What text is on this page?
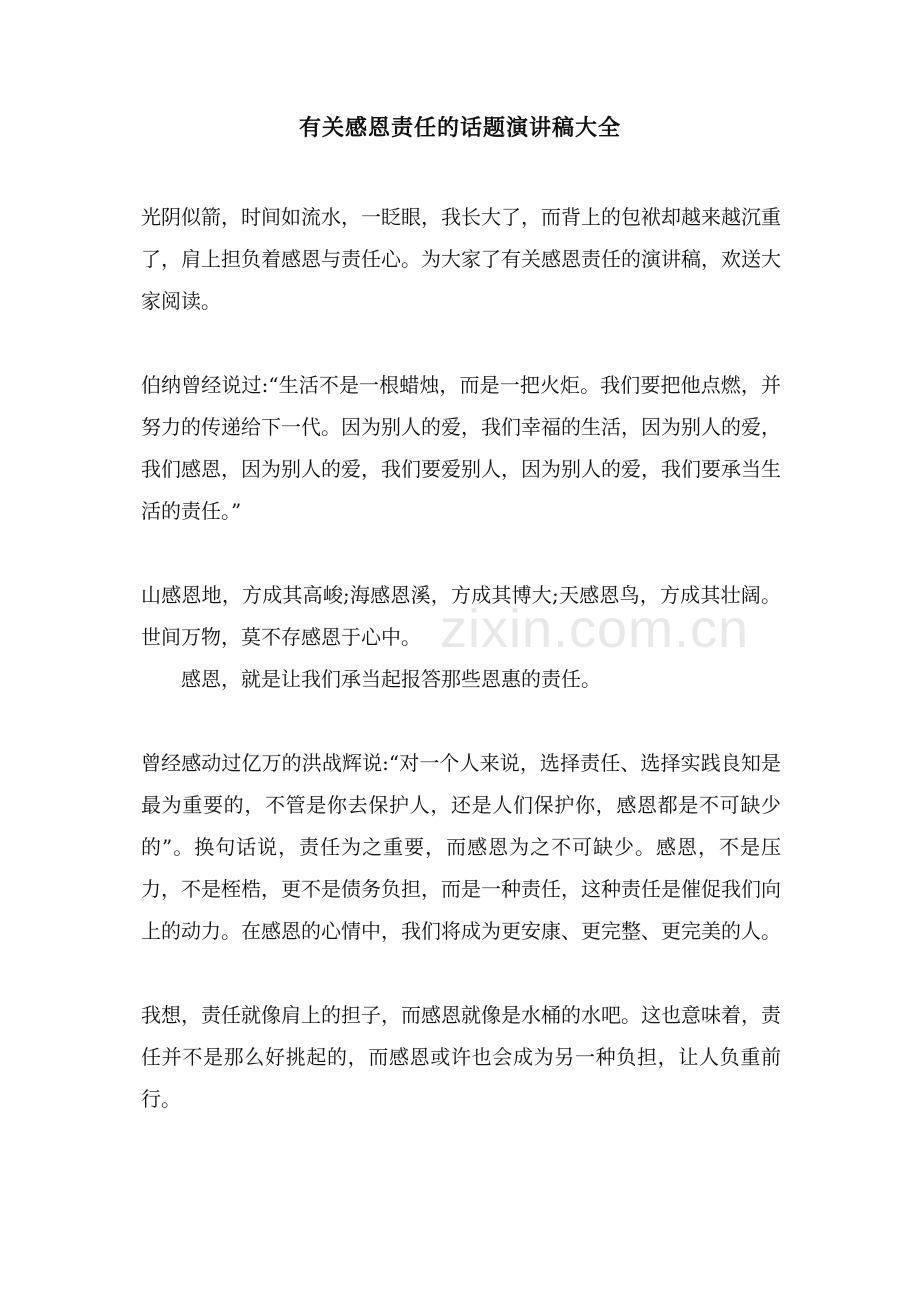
有关感恩责任的话题演讲稿大全

光阴似箭，时间如流水，一眨眼，我长大了，而背上的包袱却越来越沉重了，肩上担负着感恩与责任心。为大家了有关感恩责任的演讲稿，欢送大家阅读。

伯纳曾经说过:“生活不是一根蜡烛，而是一把火炬。我们要把他点燃，并努力的传递给下一代。因为别人的爱，我们幸福的生活，因为别人的爱，我们感恩，因为别人的爱，我们要爱别人，因为别人的爱，我们要承当生活的责任。”

山感恩地，方成其高峻;海感恩溪，方成其博大;天感恩鸟，方成其壮阔。世间万物，莫不存感恩于心中。

感恩，就是让我们承当起报答那些恩惠的责任。

曾经感动过亿万的洪战辉说:“对一个人来说，选择责任、选择实践良知是最为重要的，不管是你去保护人，还是人们保护你，感恩都是不可缺少的”。换句话说，责任为之重要，而感恩为之不可缺少。感恩，不是压力，不是桎梏，更不是债务负担，而是一种责任，这种责任是催促我们向上的动力。在感恩的心情中，我们将成为更安康、更完整、更完美的人。

我想，责任就像肩上的担子，而感恩就像是水桶的水吧。这也意味着，责任并不是那么好挑起的，而感恩或许也会成为另一种负担，让人负重前行。

zixin.com.cn
